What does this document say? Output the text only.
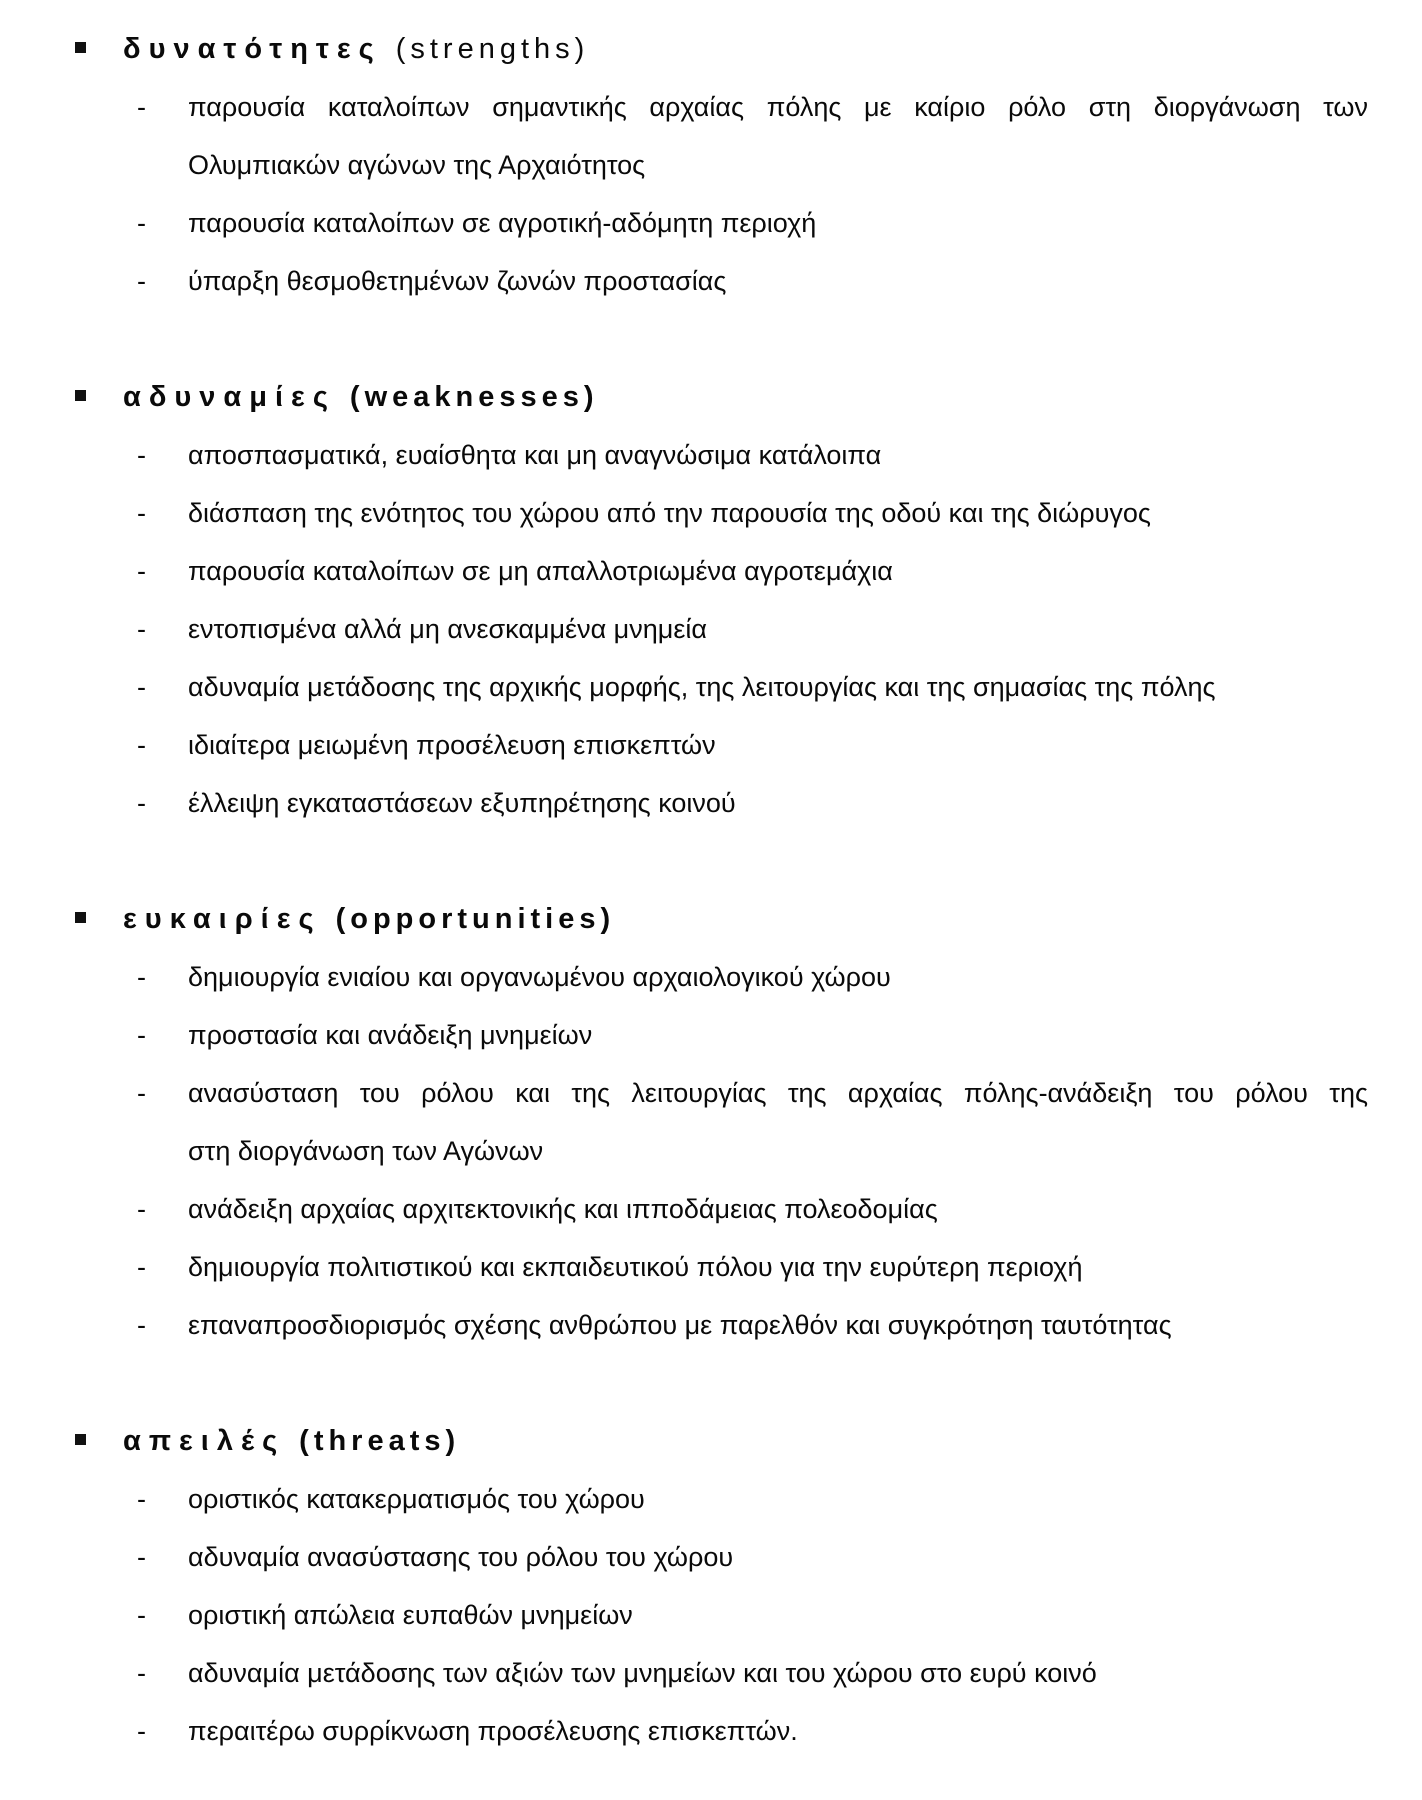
δυνατότητες (strengths)
-	παρουσία καταλοίπων σημαντικής αρχαίας πόλης με καίριο ρόλο στη διοργάνωση των
Ολυμπιακών αγώνων της Αρχαιότητος
-	παρουσία καταλοίπων σε αγροτική-αδόμητη περιοχή
-	ύπαρξη θεσμοθετημένων ζωνών προστασίας
αδυναμίες (weaknesses)
-	αποσπασματικά, ευαίσθητα και μη αναγνώσιμα κατάλοιπα
-	διάσπαση της ενότητος του χώρου από την παρουσία της οδού και της διώρυγος
-	παρουσία καταλοίπων σε μη απαλλοτριωμένα αγροτεμάχια
-	εντοπισμένα αλλά μη ανεσκαμμένα μνημεία
-	αδυναμία μετάδοσης της αρχικής μορφής, της λειτουργίας και της σημασίας της πόλης
-	ιδιαίτερα μειωμένη προσέλευση επισκεπτών
-	έλλειψη εγκαταστάσεων εξυπηρέτησης κοινού
ευκαιρίες (opportunities)
-	δημιουργία ενιαίου και οργανωμένου αρχαιολογικού χώρου
-	προστασία και ανάδειξη μνημείων
-	ανασύσταση του ρόλου και της λειτουργίας της αρχαίας πόλης-ανάδειξη του ρόλου της
στη διοργάνωση των Αγώνων
-	ανάδειξη αρχαίας αρχιτεκτονικής και ιπποδάμειας πολεοδομίας
-	δημιουργία πολιτιστικού και εκπαιδευτικού πόλου για την ευρύτερη περιοχή
-	επαναπροσδιορισμός σχέσης ανθρώπου με παρελθόν και συγκρότηση ταυτότητας
απειλές (threats)
-	οριστικός κατακερματισμός του χώρου
-	αδυναμία ανασύστασης του ρόλου του χώρου
-	οριστική απώλεια ευπαθών μνημείων
-	αδυναμία μετάδοσης των αξιών των μνημείων και του χώρου στο ευρύ κοινό
-	περαιτέρω συρρίκνωση προσέλευσης επισκεπτών.
